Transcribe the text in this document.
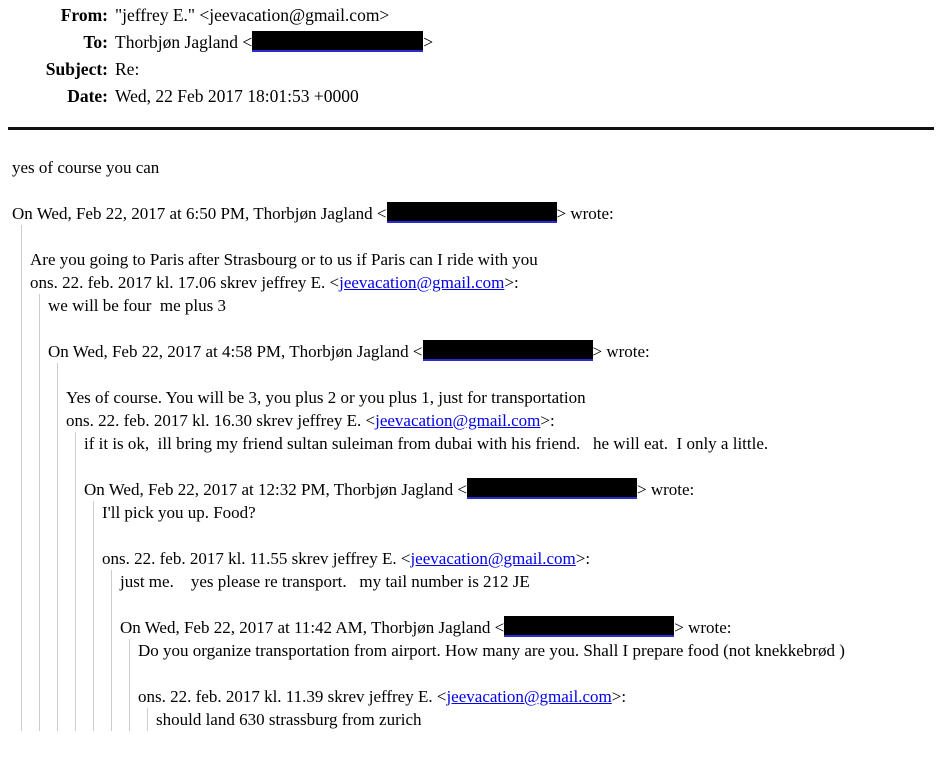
From: "jeffrey E." <jeevacation@gmail.com>
To: Thorbjøn Jagland <	>
Subject: Re:
Date: Wed, 22 Feb 2017 18:01:53 +0000
yes of course you can
On Wed, Feb 22, 2017 at 6:50 PM, Thorbjøn Jagland <	> wrote:
Are you going to Paris after Strasbourg or to us if Paris can I ride with you
ons. 22. feb. 2017 kl. 17.06 skrev jeffrey E. <jeevacation@gmail.com>:
we will be four  me plus 3
On Wed, Feb 22, 2017 at 4:58 PM, Thorbjøn Jagland <	> wrote:
Yes of course. You will be 3, you plus 2 or you plus 1, just for transportation
ons. 22. feb. 2017 kl. 16.30 skrev jeffrey E. <jeevacation@gmail.com>:
if it is ok,  ill bring my friend sultan suleiman from dubai with his friend.   he will eat.  I only a little.
On Wed, Feb 22, 2017 at 12:32 PM, Thorbjøn Jagland <	> wrote:
I'll pick you up. Food?
ons. 22. feb. 2017 kl. 11.55 skrev jeffrey E. <jeevacation@gmail.com>:
just me.    yes please re transport.   my tail number is 212 JE
On Wed, Feb 22, 2017 at 11:42 AM, Thorbjøn Jagland <	> wrote:
Do you organize transportation from airport. How many are you. Shall I prepare food (not knekkebrød )
ons. 22. feb. 2017 kl. 11.39 skrev jeffrey E. <jeevacation@gmail.com>:
should land 630 strassburg from zurich
